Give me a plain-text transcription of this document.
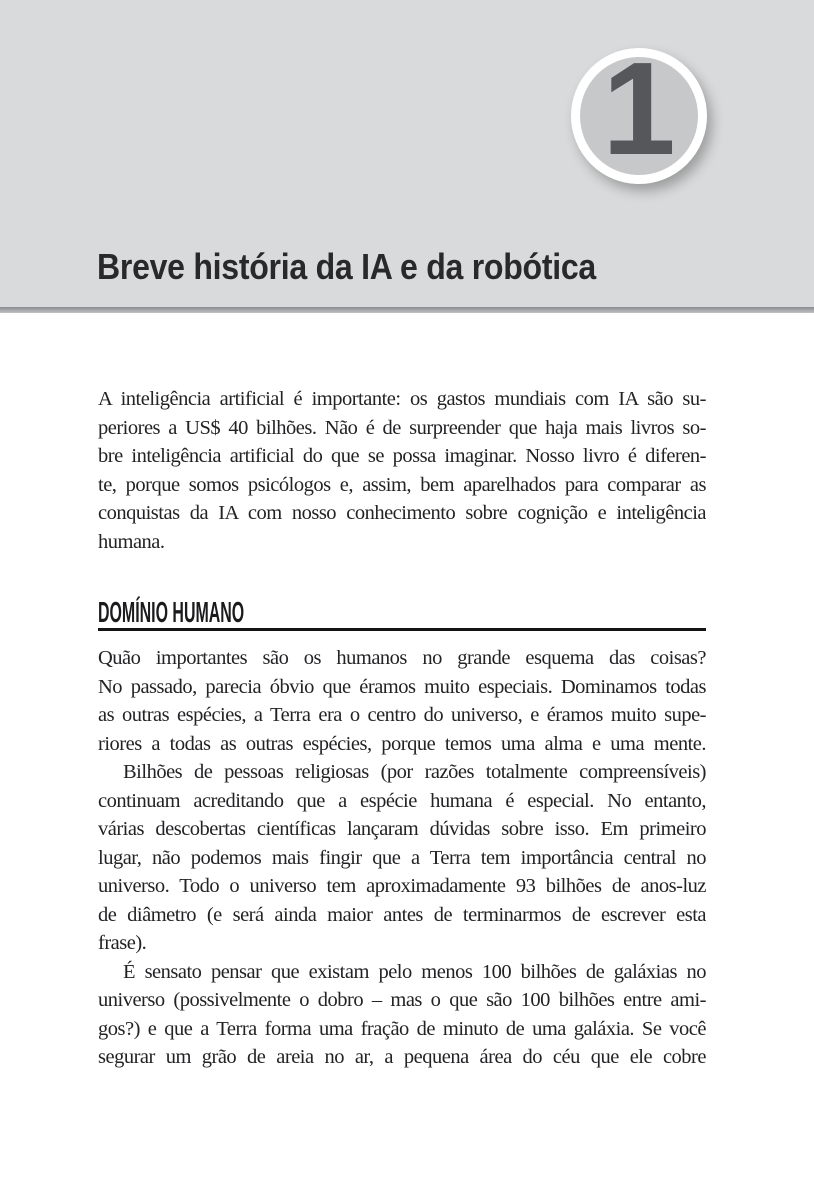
1
Breve história da IA e da robótica
A inteligência artificial é importante: os gastos mundiais com IA são su-
periores a US$ 40 bilhões. Não é de surpreender que haja mais livros so-
bre inteligência artificial do que se possa imaginar. Nosso livro é diferen-
te, porque somos psicólogos e, assim, bem aparelhados para comparar as
conquistas da IA com nosso conhecimento sobre cognição e inteligência
humana.
DOMÍNIO HUMANO
Quão importantes são os humanos no grande esquema das coisas?
No passado, parecia óbvio que éramos muito especiais. Dominamos todas
as outras espécies, a Terra era o centro do universo, e éramos muito supe-
riores a todas as outras espécies, porque temos uma alma e uma mente.
Bilhões de pessoas religiosas (por razões totalmente compreensíveis)
continuam acreditando que a espécie humana é especial. No entanto,
várias descobertas científicas lançaram dúvidas sobre isso. Em primeiro
lugar, não podemos mais fingir que a Terra tem importância central no
universo. Todo o universo tem aproximadamente 93 bilhões de anos-luz
de diâmetro (e será ainda maior antes de terminarmos de escrever esta
frase).
É sensato pensar que existam pelo menos 100 bilhões de galáxias no
universo (possivelmente o dobro – mas o que são 100 bilhões entre ami-
gos?) e que a Terra forma uma fração de minuto de uma galáxia. Se você
segurar um grão de areia no ar, a pequena área do céu que ele cobre
